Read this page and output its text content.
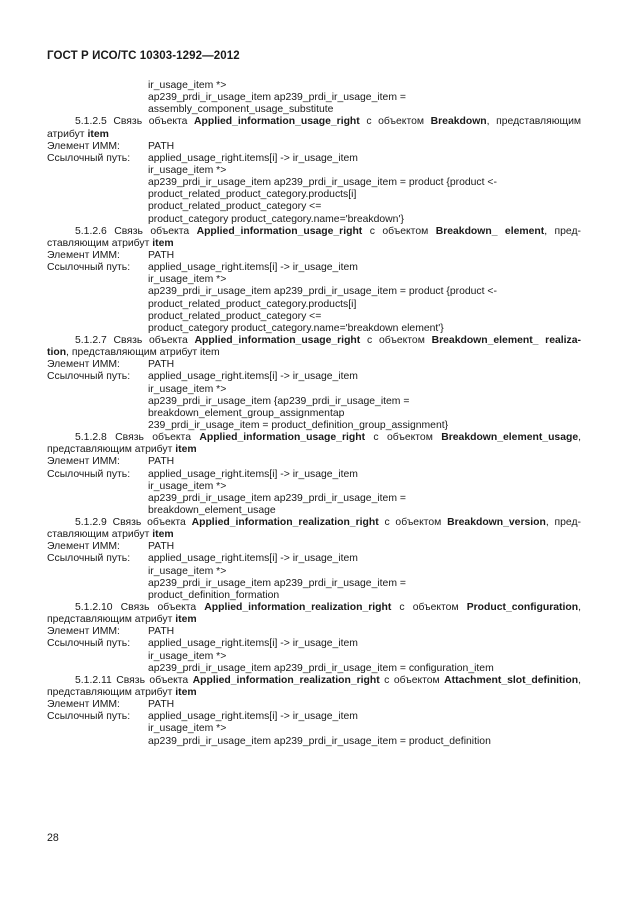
ГОСТ Р ИСО/ТС 10303-1292—2012
ir_usage_item *>
ap239_prdi_ir_usage_item ap239_prdi_ir_usage_item =
assembly_component_usage_substitute
5.1.2.5 Связь объекта Applied_information_usage_right с объектом Breakdown, представляющим
атрибут item
Элемент ИММ:	PATH
Ссылочный путь:	applied_usage_right.items[i] -> ir_usage_item
ir_usage_item *>
ap239_prdi_ir_usage_item ap239_prdi_ir_usage_item = product {product <-
product_related_product_category.products[i]
product_related_product_category <=
product_category product_category.name='breakdown'}
5.1.2.6 Связь объекта Applied_information_usage_right с объектом Breakdown_ element, пред-
ставляющим атрибут item
Элемент ИММ:	PATH
Ссылочный путь:	applied_usage_right.items[i] -> ir_usage_item
ir_usage_item *>
ap239_prdi_ir_usage_item ap239_prdi_ir_usage_item = product {product <-
product_related_product_category.products[i]
product_related_product_category <=
product_category product_category.name='breakdown element'}
5.1.2.7 Связь объекта Applied_information_usage_right с объектом Breakdown_element_ realiza-
tion, представляющим атрибут item
Элемент ИММ:	PATH
Ссылочный путь:	applied_usage_right.items[i] -> ir_usage_item
ir_usage_item *>
ap239_prdi_ir_usage_item {ap239_prdi_ir_usage_item =
breakdown_element_group_assignmentap
239_prdi_ir_usage_item = product_definition_group_assignment}
5.1.2.8 Связь объекта Applied_information_usage_right с объектом Breakdown_element_usage,
представляющим атрибут item
Элемент ИММ:	PATH
Ссылочный путь:	applied_usage_right.items[i] -> ir_usage_item
ir_usage_item *>
ap239_prdi_ir_usage_item ap239_prdi_ir_usage_item =
breakdown_element_usage
5.1.2.9 Связь объекта Applied_information_realization_right с объектом Breakdown_version, пред-
ставляющим атрибут item
Элемент ИММ:	PATH
Ссылочный путь:	applied_usage_right.items[i] -> ir_usage_item
ir_usage_item *>
ap239_prdi_ir_usage_item ap239_prdi_ir_usage_item =
product_definition_formation
5.1.2.10 Связь объекта Applied_information_realization_right с объектом Product_configuration,
представляющим атрибут item
Элемент ИММ:	PATH
Ссылочный путь:	applied_usage_right.items[i] -> ir_usage_item
ir_usage_item *>
ap239_prdi_ir_usage_item ap239_prdi_ir_usage_item = configuration_item
5.1.2.11 Связь объекта Applied_information_realization_right с объектом Attachment_slot_definition,
представляющим атрибут item
Элемент ИММ:	PATH
Ссылочный путь:	applied_usage_right.items[i] -> ir_usage_item
ir_usage_item *>
ap239_prdi_ir_usage_item ap239_prdi_ir_usage_item = product_definition
28
